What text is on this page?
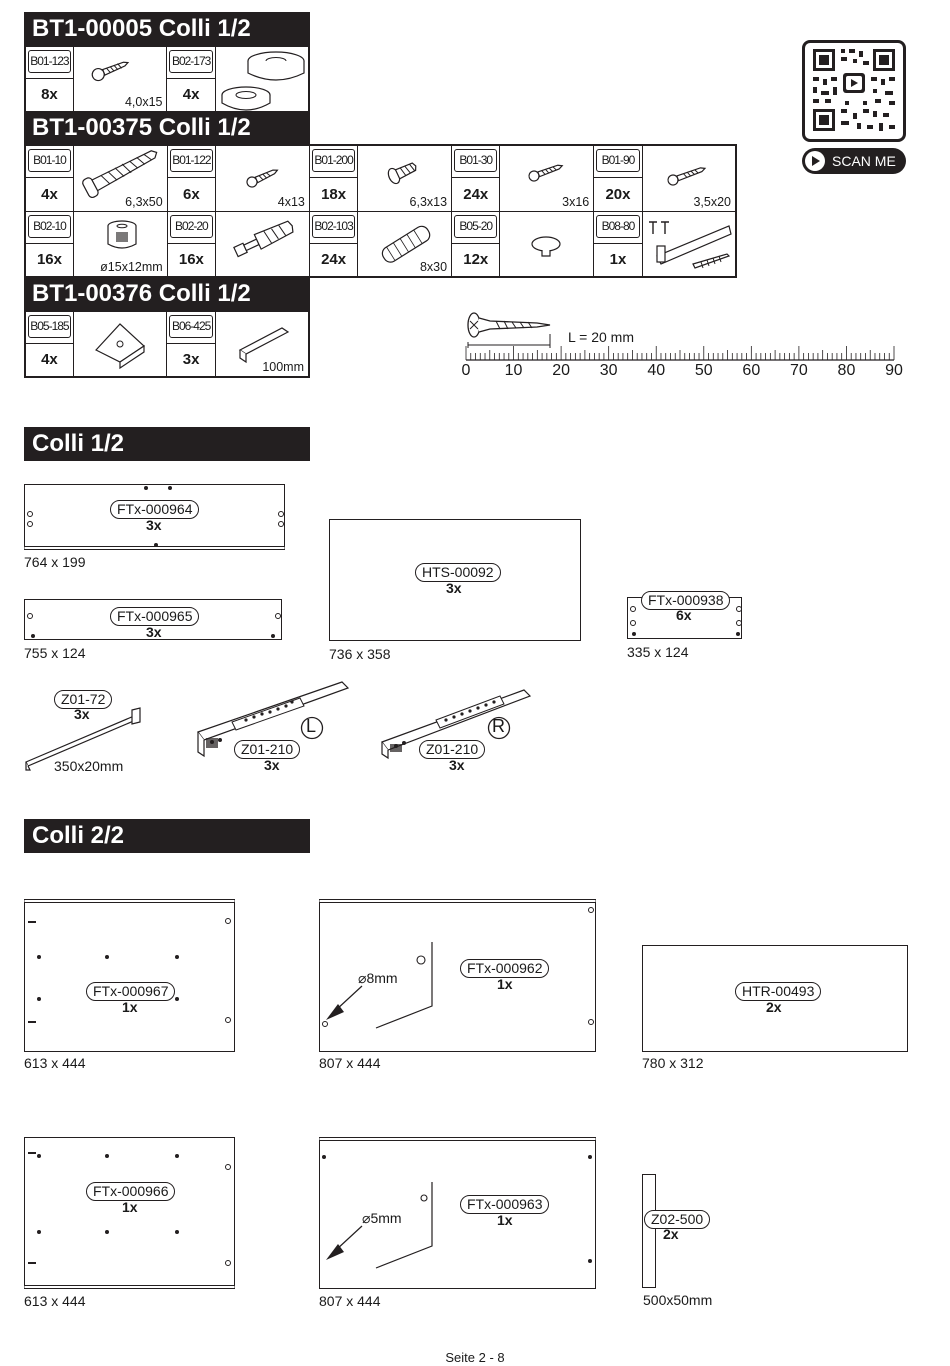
BT1-00005 Colli 1/2
BT1-00375 Colli 1/2
BT1-00376 Colli 1/2
B01-123	4,0x15	B02-173

8x		4x	
B01-10	6,3x50	B01-122	4x13	B01-200	6,3x13	B01-30	3x16	B01-90	3,5x20

4x		6x		18x		24x		20x	

B02-10	ø15x12mm	B02-20		B02-103	8x30	B05-20		B08-80

16x		16x		24x		12x		1x	
B05-185		B06-425	100mm

4x		3x	
SCAN ME
L = 20 mm
0 10 20 30 40 50 60 70 80 90
Colli 1/2
FTx-000964
3x
764 x 199
FTx-000965
3x
755 x 124
HTS-00092
3x
736 x 358
FTx-000938
6x
335 x 124
Z01-72
3x
350x20mm
L
Z01-210
3x
R
Z01-210
3x
Colli 2/2
FTx-000967
1x
613 x 444
⌀8mm
FTx-000962
1x
807 x 444
HTR-00493
2x
780 x 312
FTx-000966
1x
613 x 444
⌀5mm
FTx-000963
1x
807 x 444
Z02-500
2x
500x50mm
Seite 2 - 8
